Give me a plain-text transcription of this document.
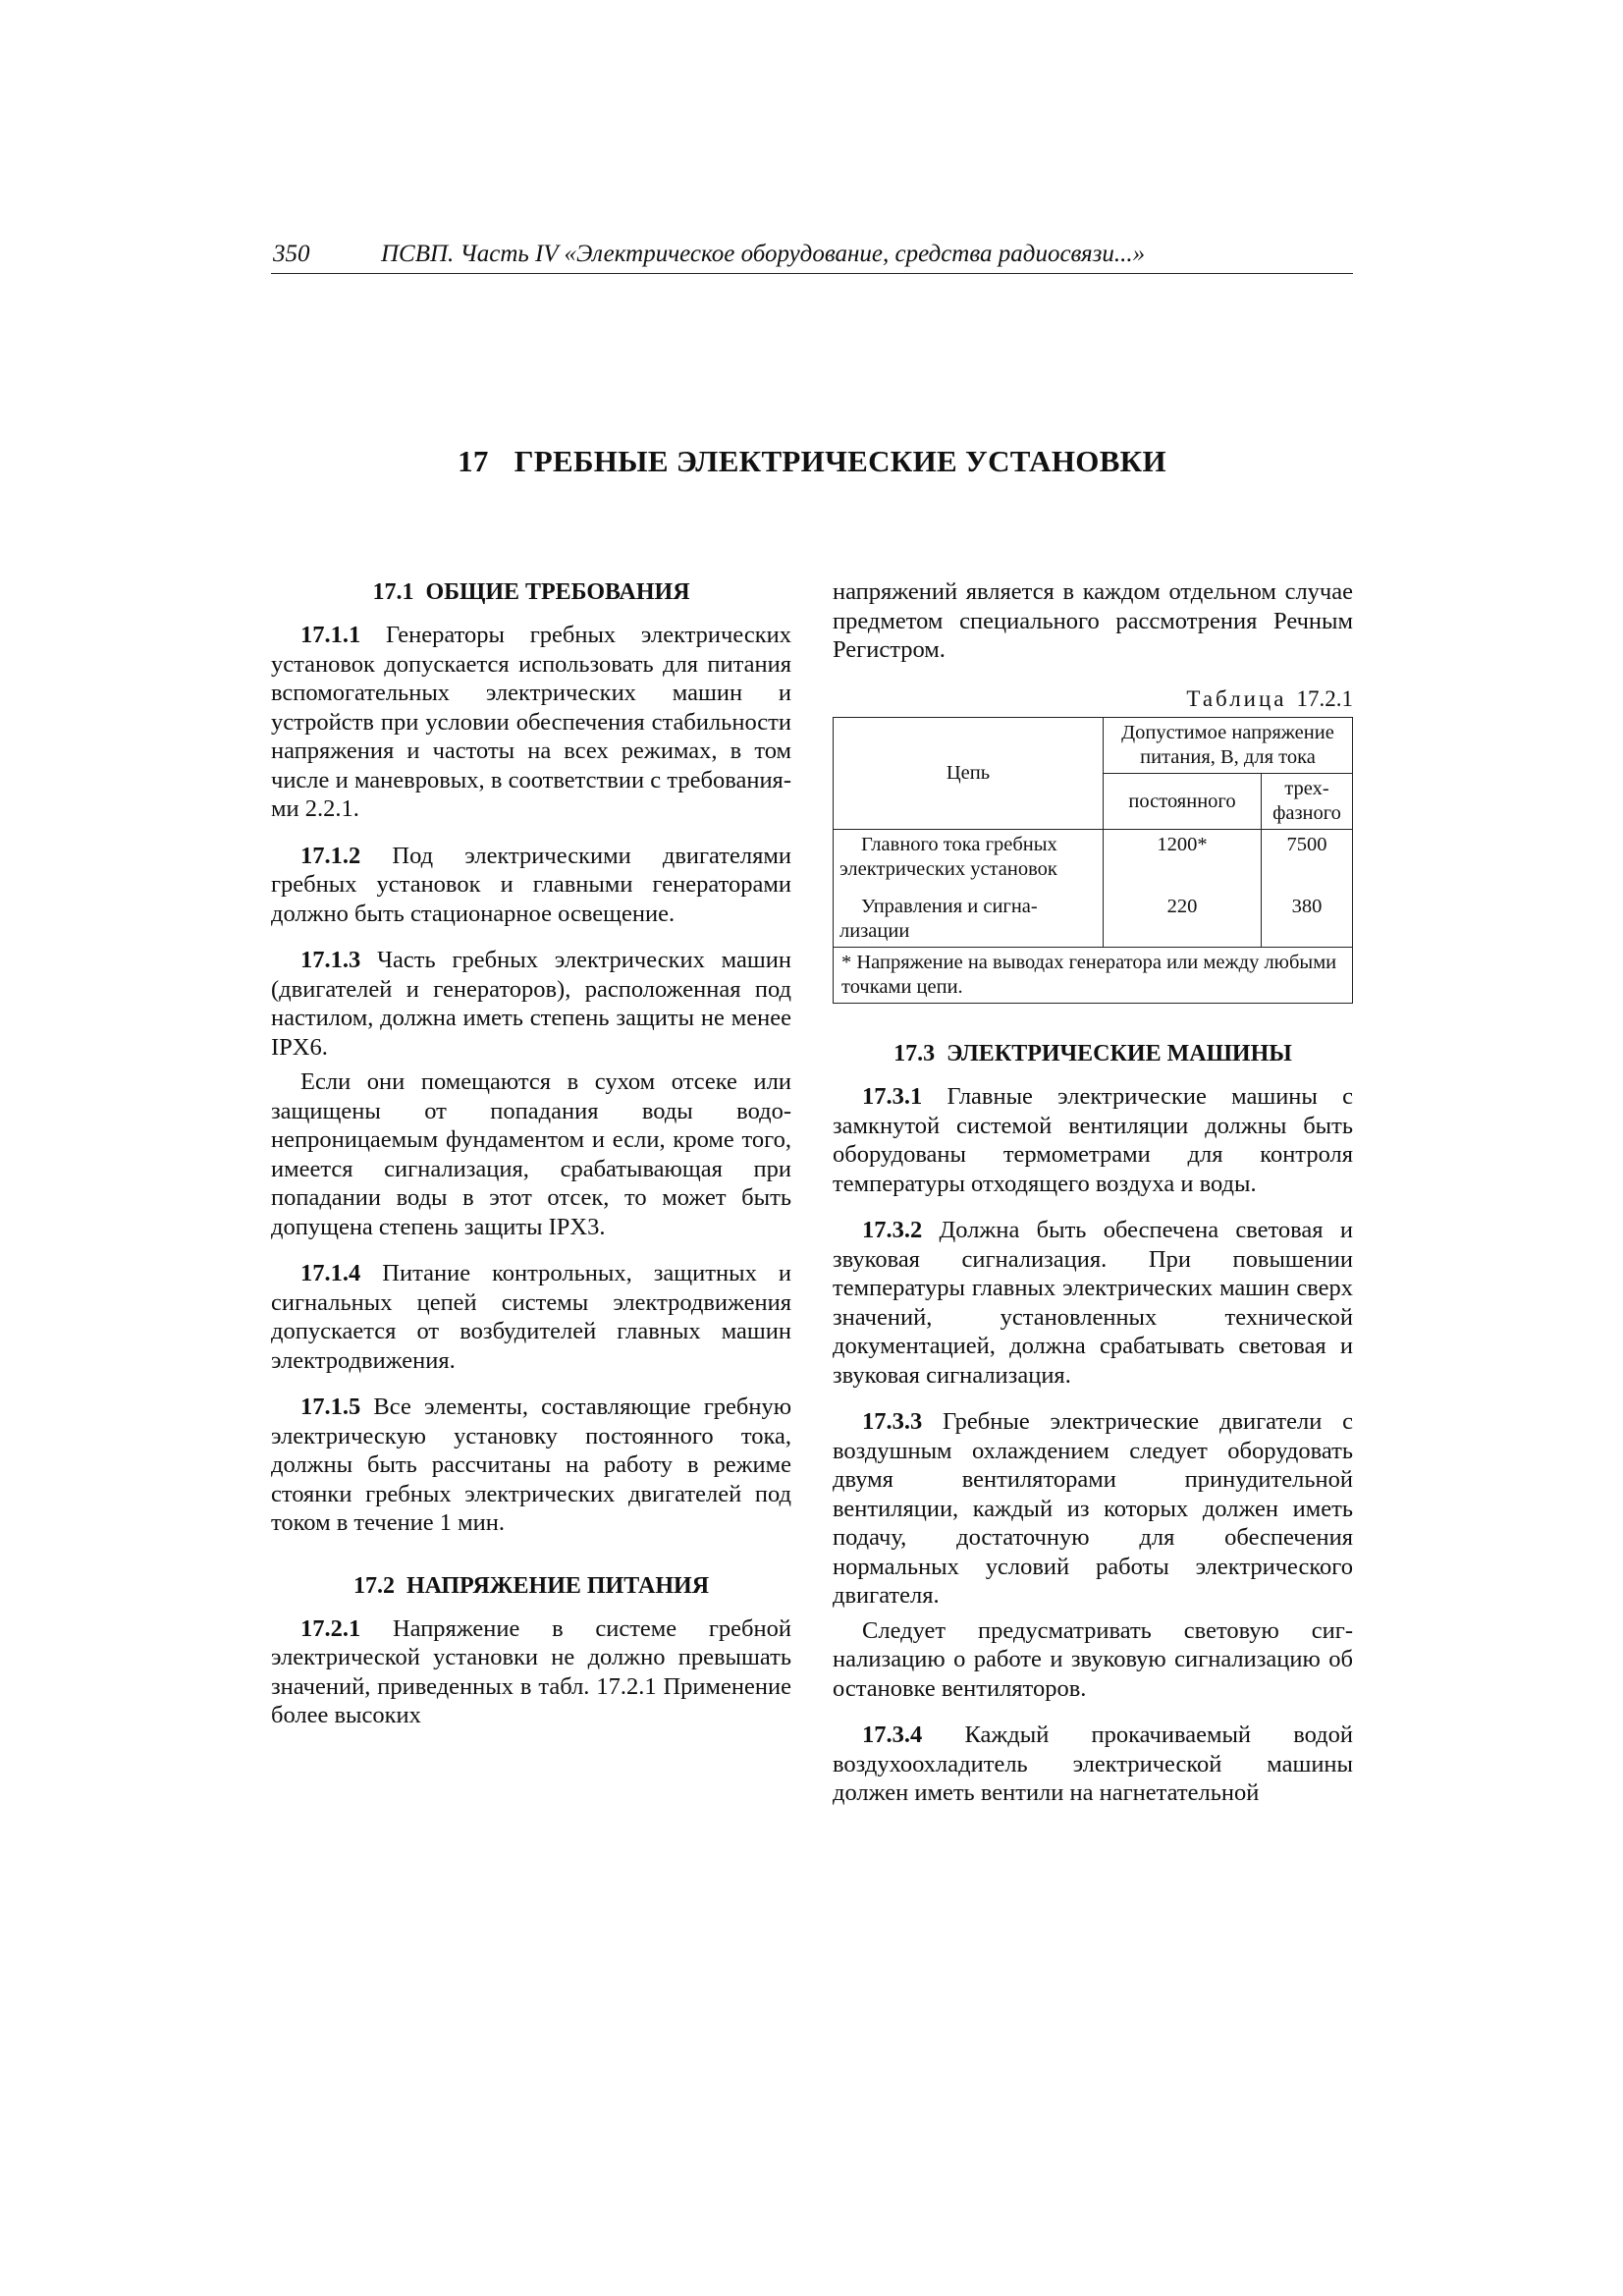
350	ПСВП. Часть IV «Электрическое оборудование, средства радиосвязи...»
17 ГРЕБНЫЕ ЭЛЕКТРИЧЕСКИЕ УСТАНОВКИ
17.1 ОБЩИЕ ТРЕБОВАНИЯ

17.1.1 Генераторы гребных электрических установок допускается использовать для питания вспомогательных электрических машин и устройств при условии обеспечения стабильности напряжения и частоты на всех режимах, в том числе и маневровых, в соответствии с требованиями 2.2.1.

17.1.2 Под электрическими двигателями гребных установок и главными генераторами должно быть стационарное освещение.

17.1.3 Часть гребных электрических машин (двигателей и генераторов), расположенная под настилом, должна иметь степень защиты не менее IPX6.

Если они помещаются в сухом отсеке или защищены от попадания воды водонепроницаемым фундаментом и если, кроме того, имеется сигнализация, срабатывающая при попадании воды в этот отсек, то может быть допущена степень защиты IPX3.

17.1.4 Питание контрольных, защитных и сигнальных цепей системы электродвижения допускается от возбудителей главных машин электродвижения.

17.1.5 Все элементы, составляющие гребную электрическую установку постоянного тока, должны быть рассчитаны на работу в режиме стоянки гребных электрических двигателей под током в течение 1 мин.

17.2 НАПРЯЖЕНИЕ ПИТАНИЯ

17.2.1 Напряжение в системе гребной электрической установки не должно превышать значений, приведенных в табл. 17.2.1 Применение более высоких

напряжений является в каждом отдельном случае предметом специального рассмотрения Речным Регистром.

Таблица 17.2.1
Цепь	Допустимое напряжение питания, В, для тока	
	постоянного	трехфазного
Главного тока гребных электрических установок	1200*	7500
Управления и сигнализации	220	380
* Напряжение на выводах генератора или между любыми точками цепи.		
17.3 ЭЛЕКТРИЧЕСКИЕ МАШИНЫ

17.3.1 Главные электрические машины с замкнутой системой вентиляции должны быть оборудованы термометрами для контроля температуры отходящего воздуха и воды.

17.3.2 Должна быть обеспечена световая и звуковая сигнализация. При повышении температуры главных электрических машин сверх значений, установленных технической документацией, должна срабатывать световая и звуковая сигнализация.

17.3.3 Гребные электрические двигатели с воздушным охлаждением следует оборудовать двумя вентиляторами принудительной вентиляции, каждый из которых должен иметь подачу, достаточную для обеспечения нормальных условий работы электрического двигателя.

Следует предусматривать световую сигнализацию о работе и звуковую сигнализацию об остановке вентиляторов.

17.3.4 Каждый прокачиваемый водой воздухоохладитель электрической машины должен иметь вентили на нагнетательной
